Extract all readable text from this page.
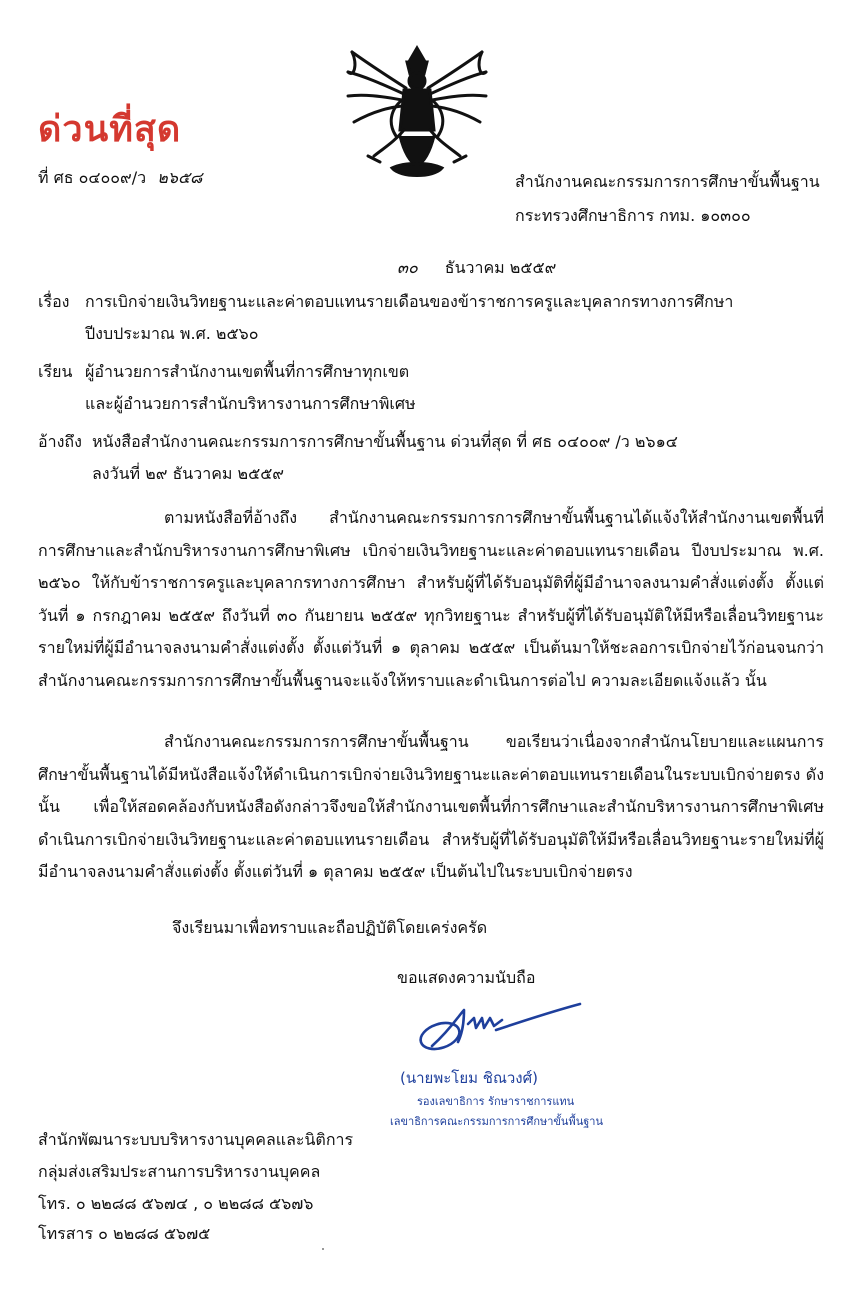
ด่วนที่สุด
ที่ ศธ ๐๔๐๐๙/ว ๒๖๕๘	สำนักงานคณะกรรมการการศึกษาขั้นพื้นฐาน
กระทรวงศึกษาธิการ กทม. ๑๐๓๐๐
๓๐ ธันวาคม ๒๕๕๙
เรื่อง การเบิกจ่ายเงินวิทยฐานะและค่าตอบแทนรายเดือนของข้าราชการครูและบุคลากรทางการศึกษา
ปีงบประมาณ พ.ศ. ๒๕๖๐
เรียน ผู้อำนวยการสำนักงานเขตพื้นที่การศึกษาทุกเขต
และผู้อำนวยการสำนักบริหารงานการศึกษาพิเศษ
อ้างถึง หนังสือสำนักงานคณะกรรมการการศึกษาขั้นพื้นฐาน ด่วนที่สุด ที่ ศธ ๐๔๐๐๙ /ว ๒๖๑๔
ลงวันที่ ๒๙ ธันวาคม ๒๕๕๙
ตามหนังสือที่อ้างถึง สำนักงานคณะกรรมการการศึกษาขั้นพื้นฐานได้แจ้งให้สำนักงานเขตพื้นที่การศึกษาและสำนักบริหารงานการศึกษาพิเศษ เบิกจ่ายเงินวิทยฐานะและค่าตอบแทนรายเดือน ปีงบประมาณ พ.ศ. ๒๕๖๐ ให้กับข้าราชการครูและบุคลากรทางการศึกษา สำหรับผู้ที่ได้รับอนุมัติที่ผู้มีอำนาจลงนามคำสั่งแต่งตั้ง ตั้งแต่วันที่ ๑ กรกฎาคม ๒๕๕๙ ถึงวันที่ ๓๐ กันยายน ๒๕๕๙ ทุกวิทยฐานะ สำหรับผู้ที่ได้รับอนุมัติให้มีหรือเลื่อนวิทยฐานะรายใหม่ที่ผู้มีอำนาจลงนามคำสั่งแต่งตั้ง ตั้งแต่วันที่ ๑ ตุลาคม ๒๕๕๙ เป็นต้นมาให้ชะลอการเบิกจ่ายไว้ก่อนจนกว่าสำนักงานคณะกรรมการการศึกษาขั้นพื้นฐานจะแจ้งให้ทราบและดำเนินการต่อไป ความละเอียดแจ้งแล้ว นั้น
สำนักงานคณะกรรมการการศึกษาขั้นพื้นฐาน ขอเรียนว่าเนื่องจากสำนักนโยบายและแผนการศึกษาขั้นพื้นฐานได้มีหนังสือแจ้งให้ดำเนินการเบิกจ่ายเงินวิทยฐานะและค่าตอบแทนรายเดือนในระบบเบิกจ่ายตรง ดังนั้น เพื่อให้สอดคล้องกับหนังสือดังกล่าวจึงขอให้สำนักงานเขตพื้นที่การศึกษาและสำนักบริหารงานการศึกษาพิเศษดำเนินการเบิกจ่ายเงินวิทยฐานะและค่าตอบแทนรายเดือน สำหรับผู้ที่ได้รับอนุมัติให้มีหรือเลื่อนวิทยฐานะรายใหม่ที่ผู้มีอำนาจลงนามคำสั่งแต่งตั้ง ตั้งแต่วันที่ ๑ ตุลาคม ๒๕๕๙ เป็นต้นไปในระบบเบิกจ่ายตรง
จึงเรียนมาเพื่อทราบและถือปฏิบัติโดยเคร่งครัด
ขอแสดงความนับถือ
(นายพะโยม ชิณวงศ์)
รองเลขาธิการ รักษาราชการแทน
เลขาธิการคณะกรรมการการศึกษาขั้นพื้นฐาน
สำนักพัฒนาระบบบริหารงานบุคคลและนิติการ
กลุ่มส่งเสริมประสานการบริหารงานบุคคล
โทร. ๐ ๒๒๘๘ ๕๖๗๔ , ๐ ๒๒๘๘ ๕๖๗๖
โทรสาร ๐ ๒๒๘๘ ๕๖๗๕
